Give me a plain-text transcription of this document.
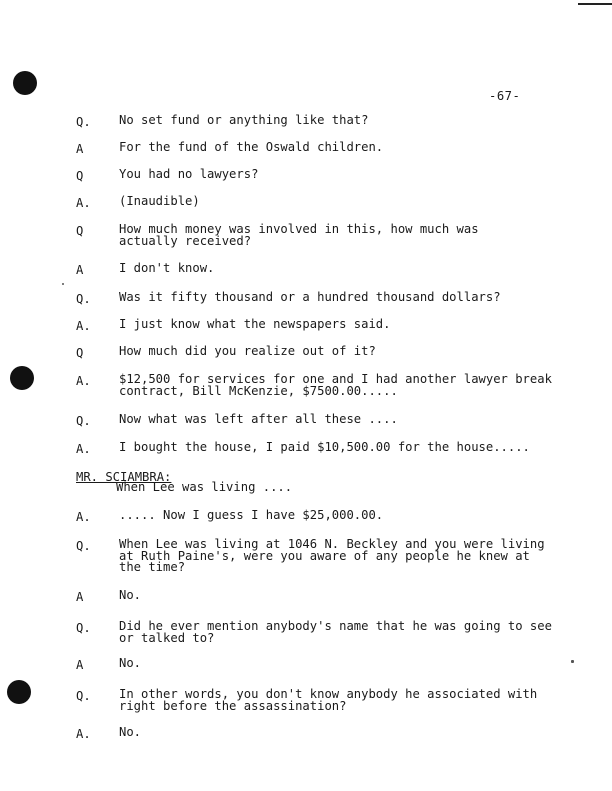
-67-
Q. No set fund or anything like that?
A	For the fund of the Oswald children.
Q	You had no lawyers?
A. (Inaudible)
Q	How much money was involved in this, how much was
actually received?
A	I don't know.
Q. Was it fifty thousand or a hundred thousand dollars?
A. I just know what the newspapers said.
Q	How much did you realize out of it?
A. $12,500 for services for one and I had another lawyer break
contract, Bill McKenzie, $7500.00.....
Q. Now what was left after all these ....
A. I bought the house, I paid $10,500.00 for the house.....
MR. SCIAMBRA:
When Lee was living ....
A. ..... Now I guess I have $25,000.00.
Q. When Lee was living at 1046 N. Beckley and you were living
at Ruth Paine's, were you aware of any people he knew at
the time?
A	No.
Q. Did he ever mention anybody's name that he was going to see
or talked to?
A	No.
Q. In other words, you don't know anybody he associated with
right before the assassination?
A. No.
